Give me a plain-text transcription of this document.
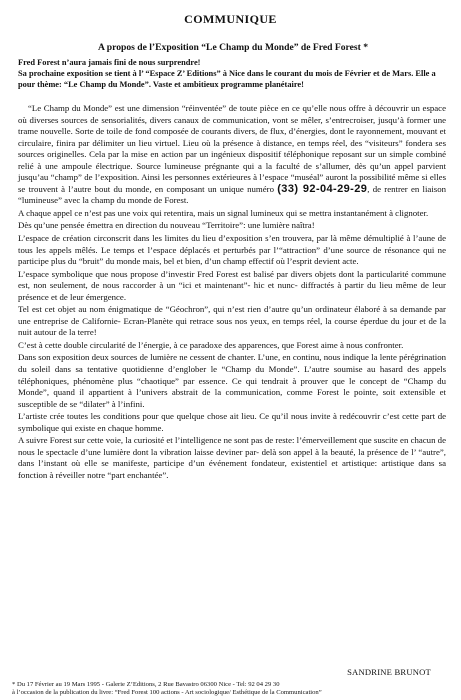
COMMUNIQUE
A propos de l’Exposition “Le Champ du Monde” de Fred Forest *

Fred Forest n’aura jamais fini de nous surprendre!

Sa prochaine exposition se tient à l’ “Espace Z’ Editions” à Nice dans le courant du mois de Février et de Mars. Elle a pour thème: “Le Champ du Monde”. Vaste et ambitieux programme planétaire!

“Le Champ du Monde” est une dimension “réinventée” de toute pièce en ce qu’elle nous offre à découvrir un espace où diverses sources de sensorialités, divers canaux de communication, vont se mêler, s’entrecroiser, jusqu’à former une trame nouvelle. Sorte de toile de fond composée de courants divers, de flux, d’énergies, dont le rayonnement, mouvant et circulaire, finira par délimiter un lieu virtuel. Lieu où la présence à distance, en temps réel, des “visiteurs” fondera ses sources originelles. Cela par la mise en action par un ingénieux dispositif téléphonique reposant sur un simple combiné relié à une ampoule électrique. Source lumineuse prégnante qui a la faculté de s’allumer, dès qu’un appel parvient jusqu’au “champ” de l’exposition. Ainsi les personnes extérieures à l’espace “muséal” auront la possibilité même si elles se trouvent à l’autre bout du monde, en composant un unique numéro (33) 92-04-29-29, de rentrer en liaison “lumineuse” avec la champ du monde de Forest.

A chaque appel ce n’est pas une voix qui retentira, mais un signal lumineux qui se mettra instantanément à clignoter.

Dès qu’une pensée émettra en direction du nouveau “Territoire”: une lumière naîtra!

L’espace de création circonscrit dans les limites du lieu d’exposition s’en trouvera, par là même démultiplié à l’aune de tous les appels mêlés. Le temps et l’espace déplacés et perturbés par l’“attraction” d’une source de résonance qui ne participe plus du “bruit” du monde mais, bel et bien, d’un champ effectif où l’esprit devient acte.

L’espace symbolique que nous propose d’investir Fred Forest est balisé par divers objets dont la particularité commune est, non seulement, de nous raccorder à un “ici et maintenant”- hic et nunc- diffractés à partir du lieu même de leur présence et de leur émergence.

Tel est cet objet au nom énigmatique de “Géochron”, qui n’est rien d’autre qu’un ordinateur élaboré à sa demande par une entreprise de Californie- Ecran-Planète qui retrace sous nos yeux, en temps réel, la course éperdue du jour et de la nuit autour de la terre!

C’est à cette double circularité de l’énergie, à ce paradoxe des apparences, que Forest aime à nous confronter.

Dans son exposition deux sources de lumière ne cessent de chanter. L’une, en continu, nous indique la lente pérégrination du soleil dans sa tentative quotidienne d’englober le “Champ du Monde”. L’autre soumise au hasard des appels téléphoniques, phénomène plus “chaotique” par essence. Ce qui tendrait à prouver que le concept de “Champ du Monde”, quand il appartient à l’univers abstrait de la communication, comme Forest le pointe, soit extensible et susceptible de se “dilater” à l’infini.

L’artiste crée toutes les conditions pour que quelque chose ait lieu. Ce qu’il nous invite à redécouvrir c’est cette part de symbolique qui existe en chaque homme.

A suivre Forest sur cette voie, la curiosité et l’intelligence ne sont pas de reste: l’émerveillement que suscite en chacun de nous le spectacle d’une lumière dont la vibration laisse deviner par- delà son appel à la beauté, la présence de l’ “autre”, dans l’instant où elle se manifeste, participe d’un événement fondateur, existentiel et artistique: artistique dans sa fonction à réveiller notre “part enchantée”.

SANDRINE BRUNOT

* Du 17 Février au 19 Mars 1995 - Galerie Z’Editions, 2 Rue Bavastro 06300 Nice - Tel: 92 04 29 30

à l’occasion de la publication du livre: “Fred Forest 100 actions - Art sociologique/ Esthétique de la Communication”
